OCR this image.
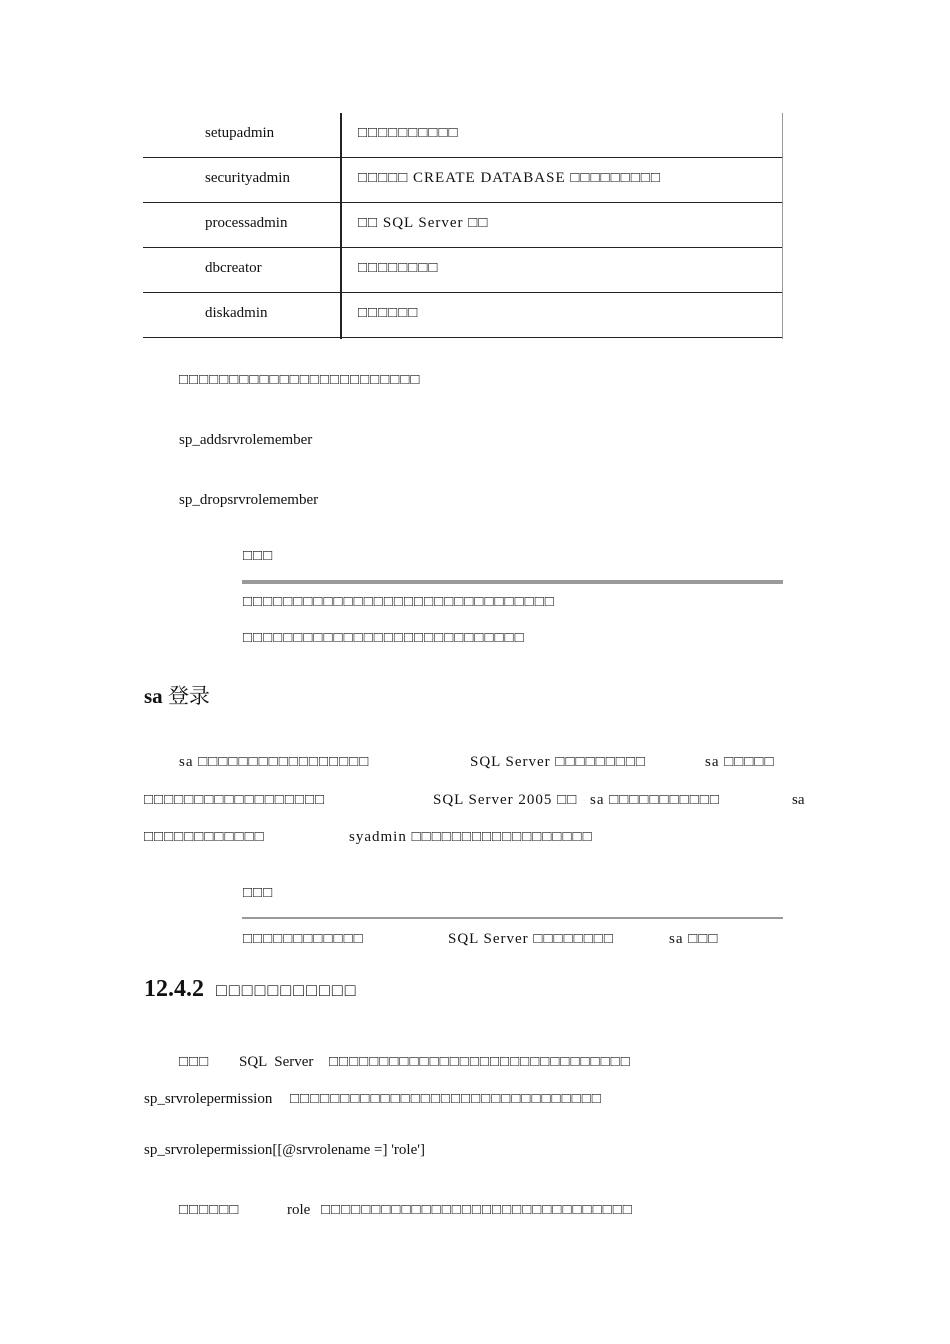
setupadmin	□□□□□□□□□□
securityadmin	□□□□□ CREATE DATABASE □□□□□□□□□
processadmin	□□ SQL Server □□
dbcreator	□□□□□□□□
diskadmin	□□□□□□
□□□□□□□□□□□□□□□□□□□□□□□□
sp_addsrvrolemember
sp_dropsrvrolemember
□□□
□□□□□□□□□□□□□□□□□□□□□□□□□□□□□□□
□□□□□□□□□□□□□□□□□□□□□□□□□□□□
sa 登录
sa □□□□□□□□□□□□□□□□□	SQL Server □□□□□□□□□	sa □□□□□
□□□□□□□□□□□□□□□□□□	SQL Server 2005 □□ sa □□□□□□□□□□□	sa
□□□□□□□□□□□□	syadmin □□□□□□□□□□□□□□□□□□
□□□
□□□□□□□□□□□□	SQL Server □□□□□□□□	sa □□□
12.4.2 □□□□□□□□□□□
□□□ SQL  Server □□□□□□□□□□□□□□□□□□□□□□□□□□□□□□
sp_srvrolepermission □□□□□□□□□□□□□□□□□□□□□□□□□□□□□□□
sp_srvrolepermission[[@srvrolename =] 'role']
□□□□□□	role □□□□□□□□□□□□□□□□□□□□□□□□□□□□□□□
